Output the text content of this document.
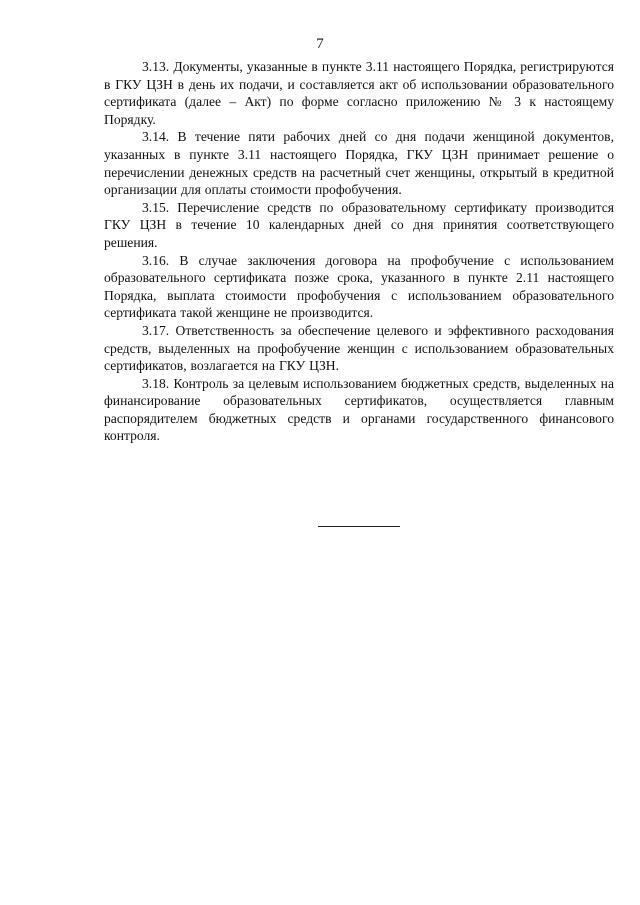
7

3.13. Документы, указанные в пункте 3.11 настоящего Порядка, регистрируются в ГКУ ЦЗН в день их подачи, и составляется акт об использовании образовательного сертификата (далее – Акт) по форме согласно приложению № 3 к настоящему Порядку.

3.14. В течение пяти рабочих дней со дня подачи женщиной документов, указанных в пункте 3.11 настоящего Порядка, ГКУ ЦЗН принимает решение о перечислении денежных средств на расчетный счет женщины, открытый в кредитной организации для оплаты стоимости профобучения.

3.15. Перечисление средств по образовательному сертификату производится ГКУ ЦЗН в течение 10 календарных дней со дня принятия соответствующего решения.

3.16. В случае заключения договора на профобучение с использованием образовательного сертификата позже срока, указанного в пункте 2.11 настоящего Порядка, выплата стоимости профобучения с использованием образовательного сертификата такой женщине не производится.

3.17. Ответственность за обеспечение целевого и эффективного расходования средств, выделенных на профобучение женщин с использованием образовательных сертификатов, возлагается на ГКУ ЦЗН.

3.18. Контроль за целевым использованием бюджетных средств, выделенных на финансирование образовательных сертификатов, осуществляется главным распорядителем бюджетных средств и органами государственного финансового контроля.
